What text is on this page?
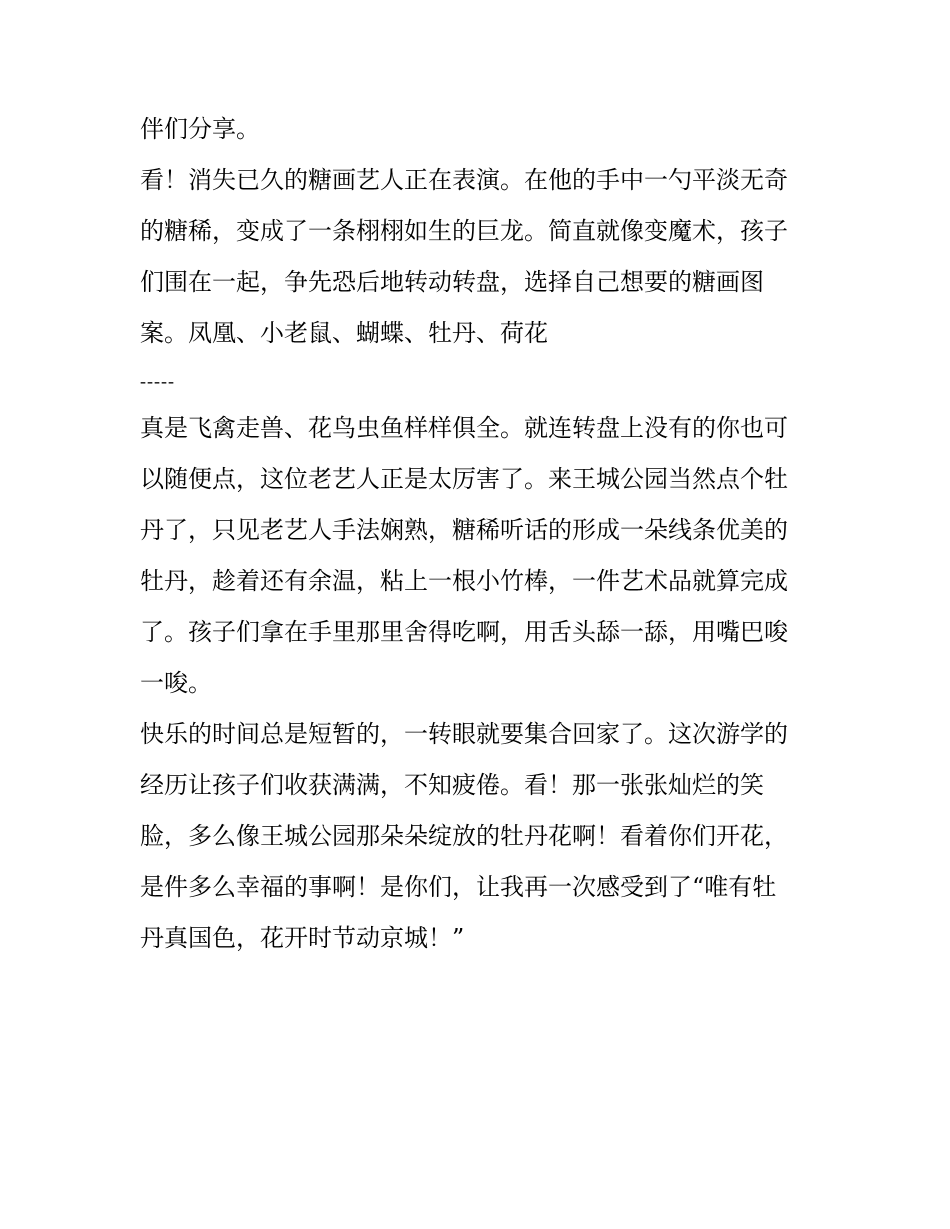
伴们分享。
看！消失已久的糖画艺人正在表演。在他的手中一勺平淡无奇
的糖稀，变成了一条栩栩如生的巨龙。简直就像变魔术，孩子
们围在一起，争先恐后地转动转盘，选择自己想要的糖画图
案。凤凰、小老鼠、蝴蝶、牡丹、荷花
-----
真是飞禽走兽、花鸟虫鱼样样俱全。就连转盘上没有的你也可
以随便点，这位老艺人正是太厉害了。来王城公园当然点个牡
丹了，只见老艺人手法娴熟，糖稀听话的形成一朵线条优美的
牡丹，趁着还有余温，粘上一根小竹棒，一件艺术品就算完成
了。孩子们拿在手里那里舍得吃啊，用舌头舔一舔，用嘴巴唆
一唆。
快乐的时间总是短暂的，一转眼就要集合回家了。这次游学的
经历让孩子们收获满满，不知疲倦。看！那一张张灿烂的笑
脸，多么像王城公园那朵朵绽放的牡丹花啊！看着你们开花，
是件多么幸福的事啊！是你们，让我再一次感受到了“唯有牡
丹真国色，花开时节动京城！”
